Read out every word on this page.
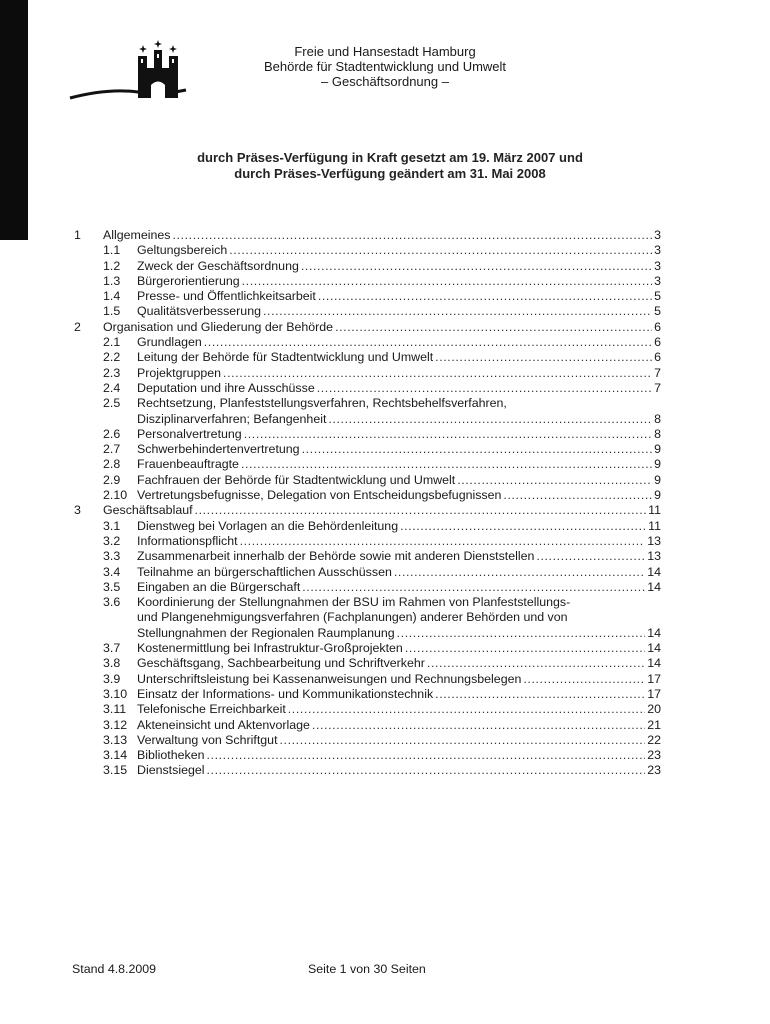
Freie und Hansestadt Hamburg
Behörde für Stadtentwicklung und Umwelt
– Geschäftsordnung –
durch Präses-Verfügung in Kraft gesetzt am 19. März 2007 und
durch Präses-Verfügung geändert am 31. Mai 2008
1 Allgemeines .....	3
1.1 Geltungsbereich .....	3
1.2 Zweck der Geschäftsordnung .....	3
1.3 Bürgerorientierung .....	3
1.4 Presse- und Öffentlichkeitsarbeit .....	5
1.5 Qualitätsverbesserung .....	5
2 Organisation und Gliederung der Behörde .....	6
2.1 Grundlagen .....	6
2.2 Leitung der Behörde für Stadtentwicklung und Umwelt .....	6
2.3 Projektgruppen .....	7
2.4 Deputation und ihre Ausschüsse .....	7
2.5 Rechtsetzung, Planfeststellungsverfahren, Rechtsbehelfsverfahren,
Disziplinarverfahren; Befangenheit .....	8
2.6 Personalvertretung .....	8
2.7 Schwerbehindertenvertretung .....	9
2.8 Frauenbeauftragte .....	9
2.9 Fachfrauen der Behörde für Stadtentwicklung und Umwelt .....	9
2.10 Vertretungsbefugnisse, Delegation von Entscheidungsbefugnissen .....	9
3 Geschäftsablauf .....	11
3.1 Dienstweg bei Vorlagen an die Behördenleitung .....	11
3.2 Informationspflicht .....	13
3.3 Zusammenarbeit innerhalb der Behörde sowie mit anderen Dienststellen .....	13
3.4 Teilnahme an bürgerschaftlichen Ausschüssen .....	14
3.5 Eingaben an die Bürgerschaft .....	14
3.6 Koordinierung der Stellungnahmen der BSU im Rahmen von Planfeststellungs-
und Plangenehmigungsverfahren (Fachplanungen) anderer Behörden und von
Stellungnahmen der Regionalen Raumplanung .....	14
3.7 Kostenermittlung bei Infrastruktur-Großprojekten .....	14
3.8 Geschäftsgang, Sachbearbeitung und Schriftverkehr .....	14
3.9 Unterschriftsleistung bei Kassenanweisungen und Rechnungsbelegen .....	17
3.10 Einsatz der Informations- und Kommunikationstechnik .....	17
3.11 Telefonische Erreichbarkeit .....	20
3.12 Akteneinsicht und Aktenvorlage .....	21
3.13 Verwaltung von Schriftgut .....	22
3.14 Bibliotheken .....	23
3.15 Dienstsiegel .....	23
Stand 4.8.2009	Seite 1 von 30 Seiten
